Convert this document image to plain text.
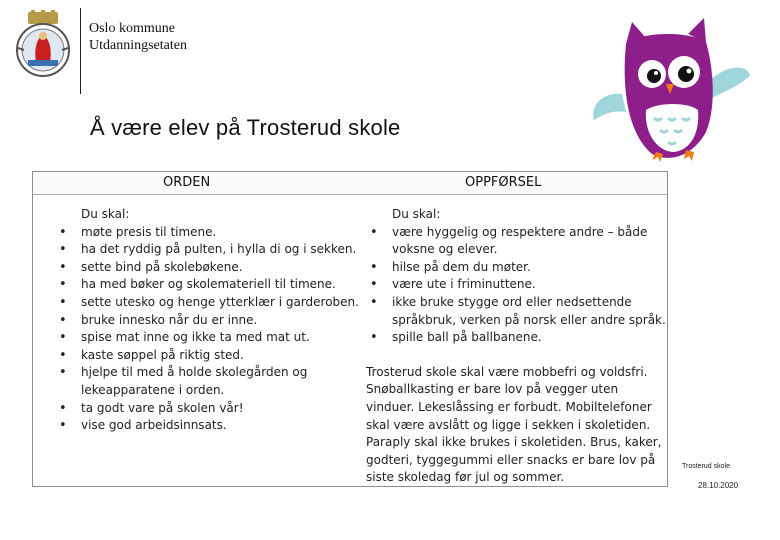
Oslo kommune
Utdanningsetaten
Å være elev på Trosterud skole
ORDEN	OPPFØRSEL
Du skal:
• møte presis til timene.
• ha det ryddig på pulten, i hylla di og i sekken.
• sette bind på skolebøkene.
• ha med bøker og skolemateriell til timene.
• sette utesko og henge ytterklær i garderoben.
• bruke innesko når du er inne.
• spise mat inne og ikke ta med mat ut.
• kaste søppel på riktig sted.
• hjelpe til med å holde skolegården og lekeapparatene i orden.
• ta godt vare på skolen vår!
• vise god arbeidsinnsats.
Du skal:
• være hyggelig og respektere andre – både voksne og elever.
• hilse på dem du møter.
• være ute i friminuttene.
• ikke bruke stygge ord eller nedsettende språkbruk, verken på norsk eller andre språk.
• spille ball på ballbanene.
Trosterud skole skal være mobbefri og voldsfri. Snøballkasting er bare lov på vegger uten vinduer. Lekeslåssing er forbudt. Mobiltelefoner skal være avslått og ligge i sekken i skoletiden. Paraply skal ikke brukes i skoletiden. Brus, kaker, godteri, tyggegummi eller snacks er bare lov på siste skoledag før jul og sommer.
Trosterud skole
28.10.2020
